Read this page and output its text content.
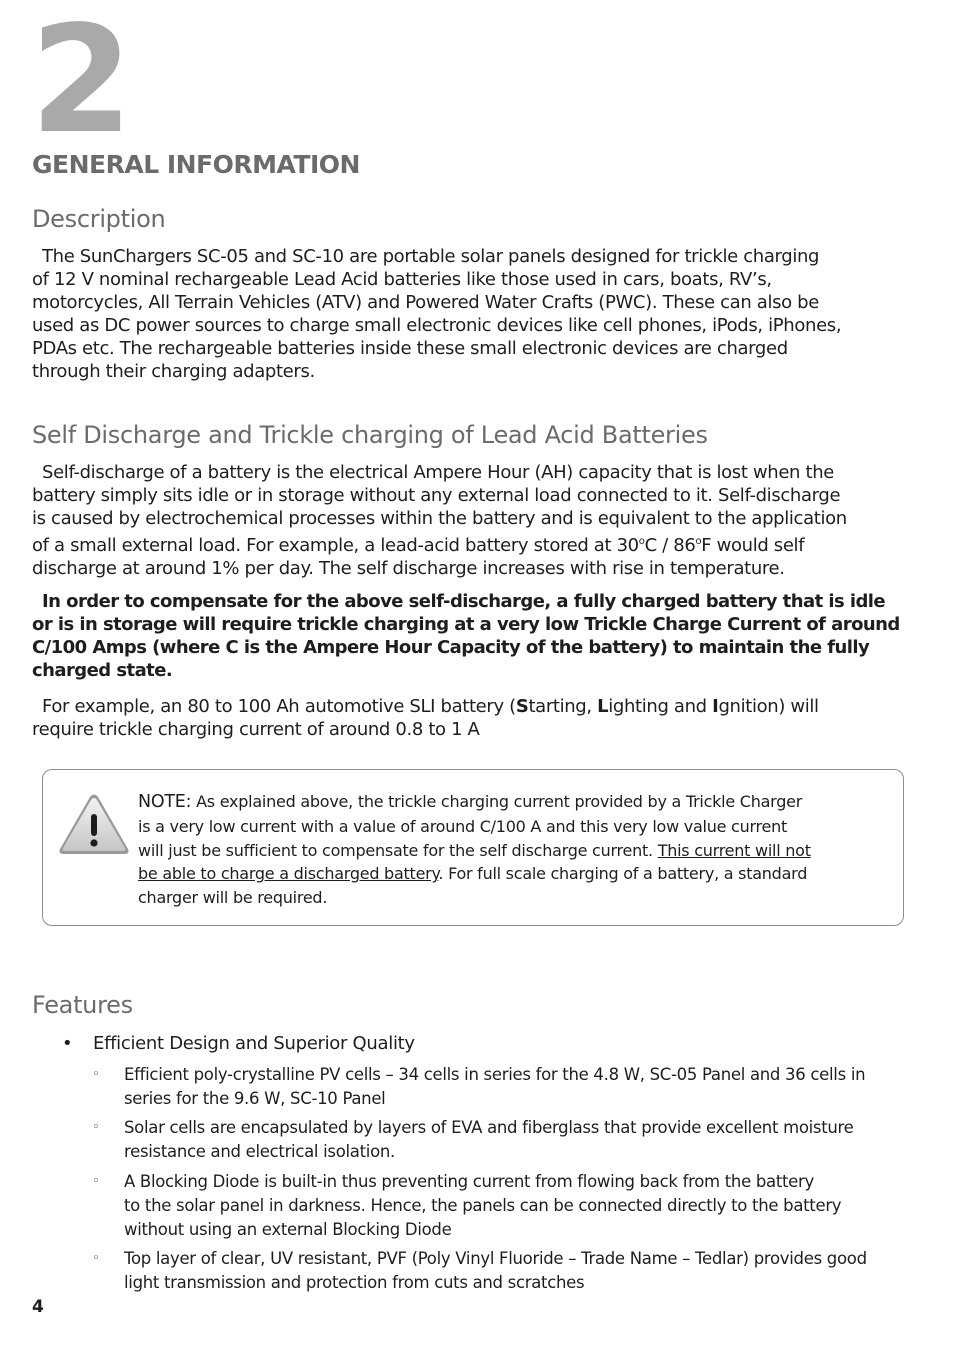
2
GENERAL INFORMATION
Description
The SunChargers SC-05 and SC-10 are portable solar panels designed for trickle charging
of 12 V nominal rechargeable Lead Acid batteries like those used in cars, boats, RV’s,
motorcycles, All Terrain Vehicles (ATV) and Powered Water Crafts (PWC). These can also be
used as DC power sources to charge small electronic devices like cell phones, iPods, iPhones,
PDAs etc. The rechargeable batteries inside these small electronic devices are charged
through their charging adapters.
Self Discharge and Trickle charging of Lead Acid Batteries
Self-discharge of a battery is the electrical Ampere Hour (AH) capacity that is lost when the
battery simply sits idle or in storage without any external load connected to it. Self-discharge
is caused by electrochemical processes within the battery and is equivalent to the application
of a small external load. For example, a lead-acid battery stored at 30$^o$C / 86$^o$F would self
discharge at around 1% per day. The self discharge increases with rise in temperature.
In order to compensate for the above self-discharge, a fully charged battery that is idle
or is in storage will require trickle charging at a very low Trickle Charge Current of around
C/100 Amps (where C is the Ampere Hour Capacity of the battery) to maintain the fully
charged state.
For example, an 80 to 100 Ah automotive SLI battery (Starting, Lighting and Ignition) will
require trickle charging current of around 0.8 to 1 A
NOTE: As explained above, the trickle charging current provided by a Trickle Charger
is a very low current with a value of around C/100 A and this very low value current
will just be sufficient to compensate for the self discharge current. This current will not
be able to charge a discharged battery. For full scale charging of a battery, a standard
charger will be required.
Features
• Efficient Design and Superior Quality
◦ Efficient poly-crystalline PV cells – 34 cells in series for the 4.8 W, SC-05 Panel and 36 cells in
series for the 9.6 W, SC-10 Panel
◦ Solar cells are encapsulated by layers of EVA and fiberglass that provide excellent moisture
resistance and electrical isolation.
◦ A Blocking Diode is built-in thus preventing current from flowing back from the battery
to the solar panel in darkness. Hence, the panels can be connected directly to the battery
without using an external Blocking Diode
◦ Top layer of clear, UV resistant, PVF (Poly Vinyl Fluoride – Trade Name – Tedlar) provides good
light transmission and protection from cuts and scratches
4
